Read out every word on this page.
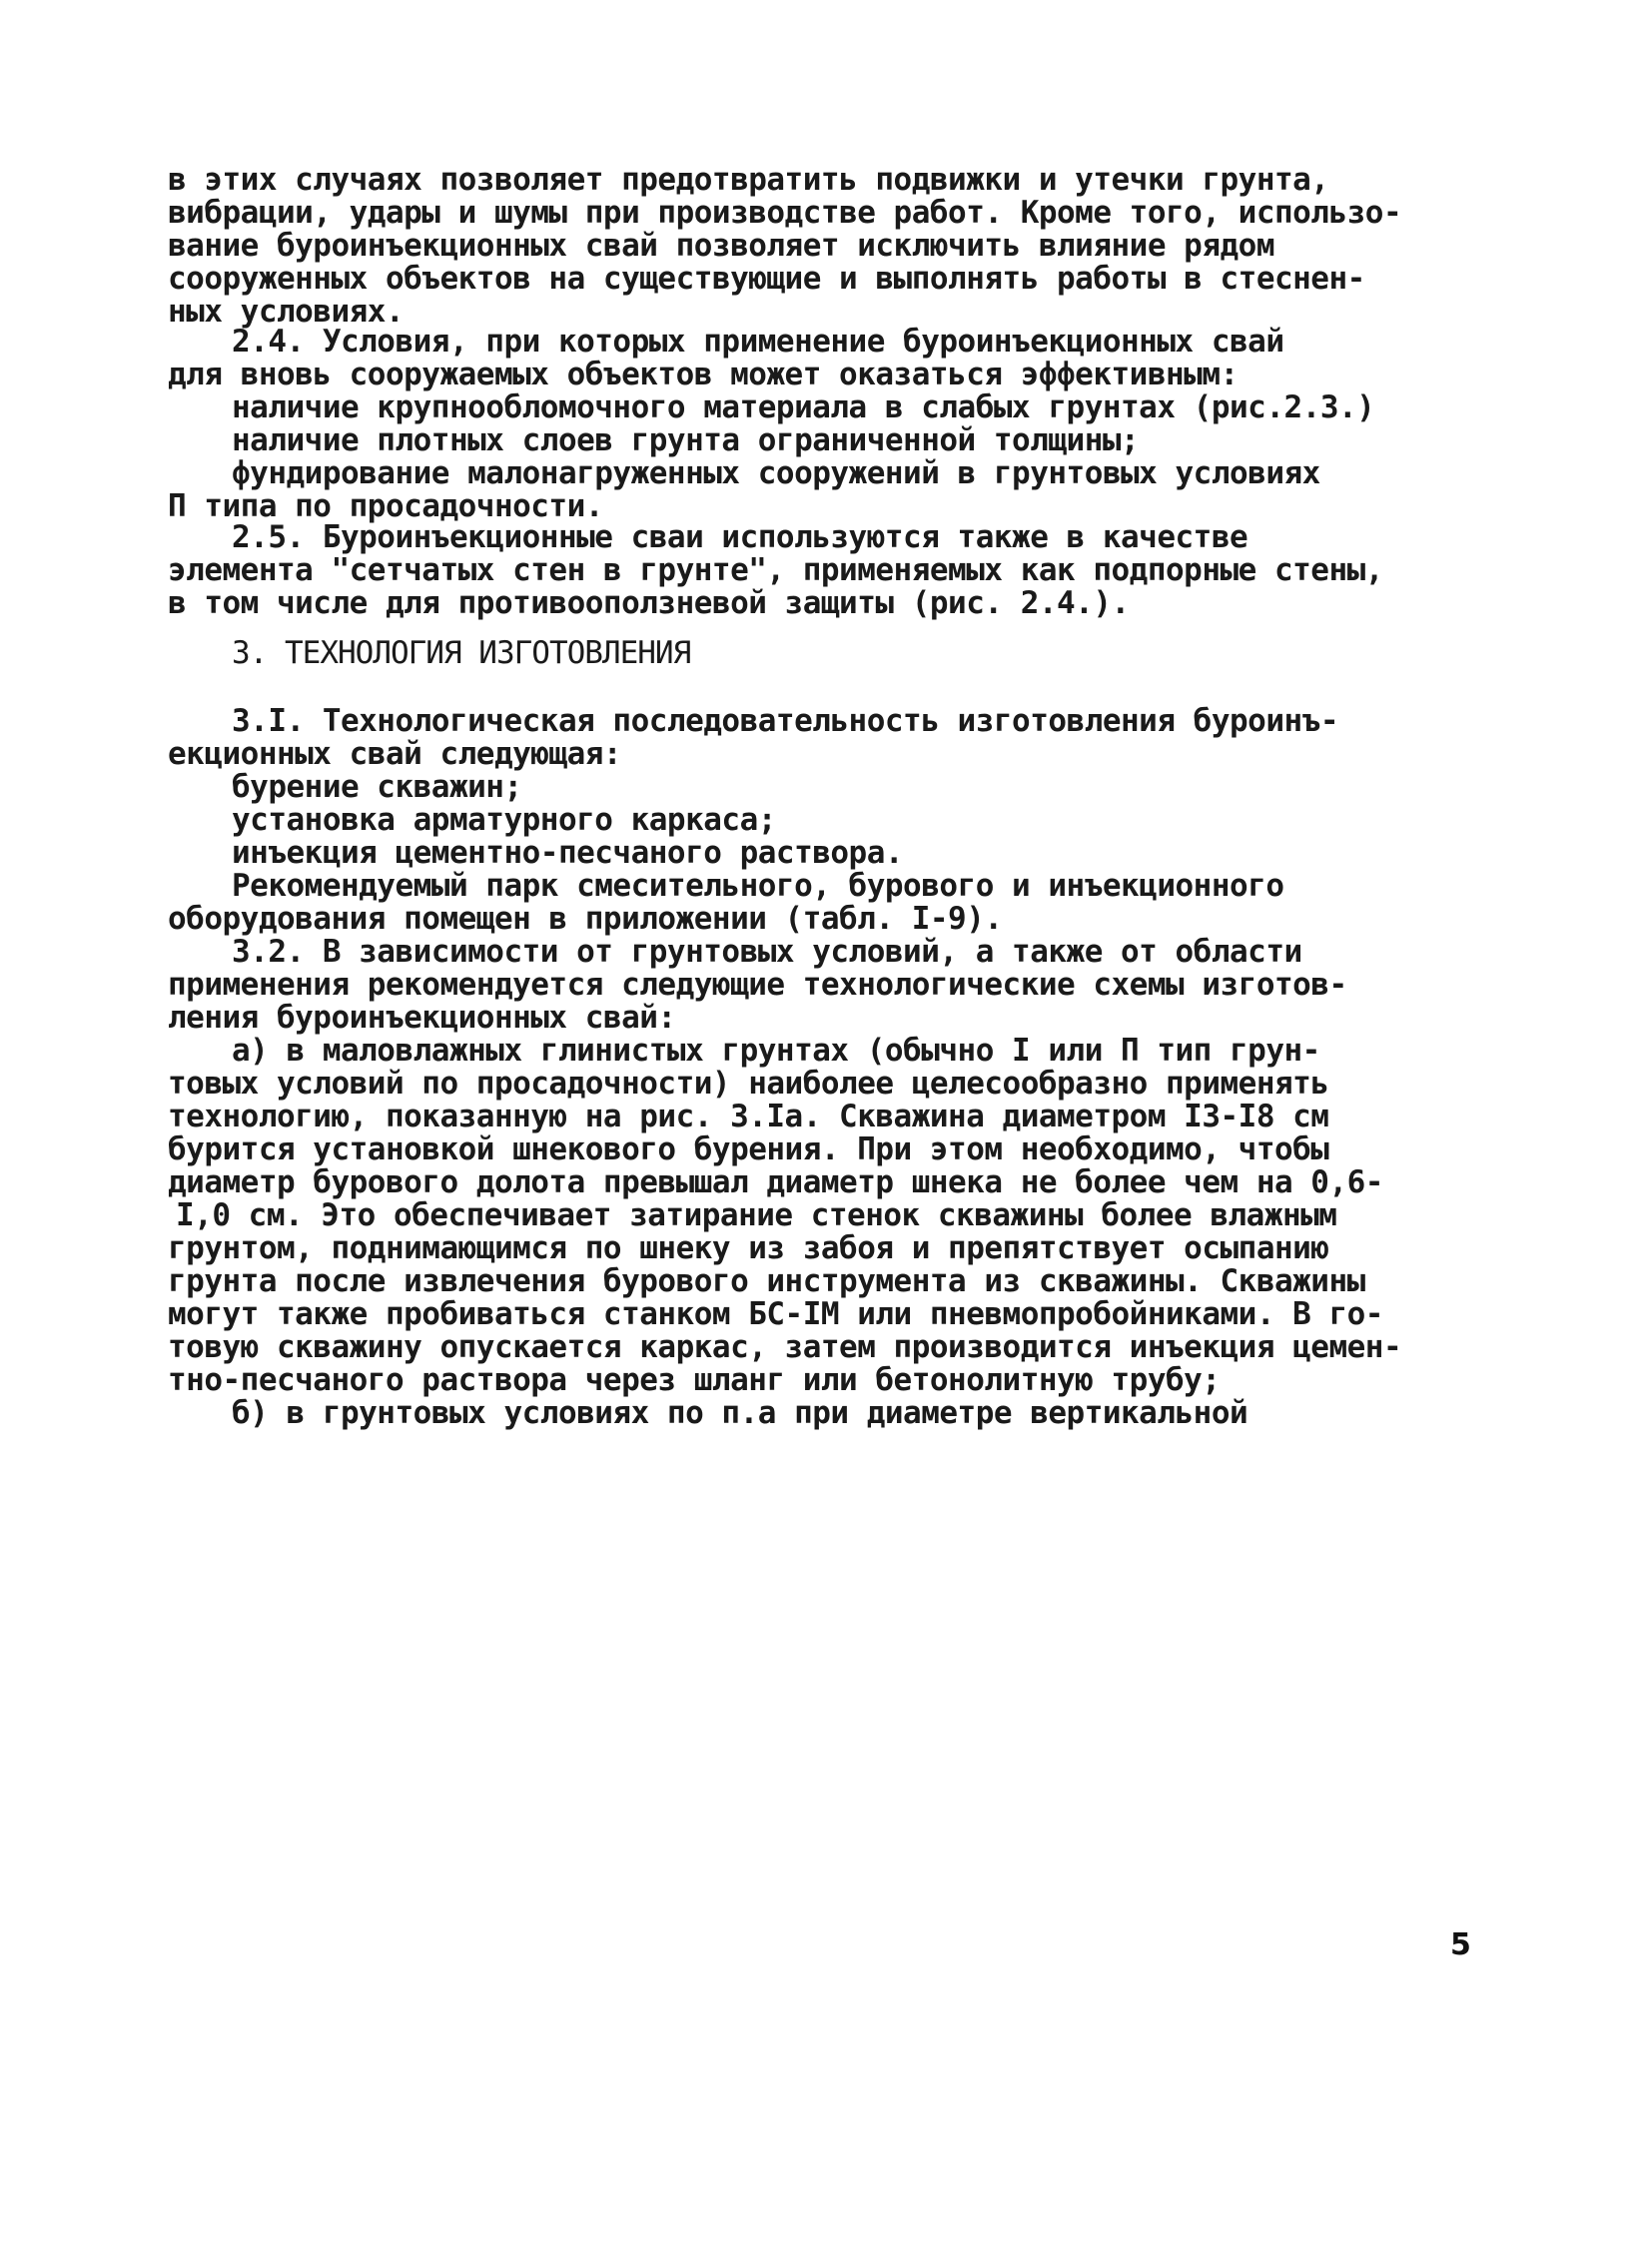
в этих случаях позволяет предотвратить подвижки и утечки грунта,
вибрации, удары и шумы при производстве работ. Кроме того, использо-
вание буроинъекционных свай позволяет исключить влияние рядом
сооруженных объектов на существующие и выполнять работы в стеснен-
ных условиях.
2.4. Условия, при которых применение буроинъекционных свай
для вновь сооружаемых объектов может оказаться эффективным:
наличие крупнообломочного материала в слабых грунтах (рис.2.3.)
наличие плотных слоев грунта ограниченной толщины;
фундирование малонагруженных сооружений в грунтовых условиях
П типа по просадочности.
2.5. Буроинъекционные сваи используются также в качестве
элемента "сетчатых стен в грунте", применяемых как подпорные стены,
в том числе для противооползневой защиты (рис. 2.4.).
3. ТЕХНОЛОГИЯ ИЗГОТОВЛЕНИЯ
3.I. Технологическая последовательность изготовления буроинъ-
екционных свай следующая:
бурение скважин;
установка арматурного каркаса;
инъекция цементно-песчаного раствора.
Рекомендуемый парк смесительного, бурового и инъекционного
оборудования помещен в приложении (табл. I-9).
3.2. В зависимости от грунтовых условий, а также от области
применения рекомендуется следующие технологические схемы изготов-
ления буроинъекционных свай:
а) в маловлажных глинистых грунтах (обычно I или П тип грун-
товых условий по просадочности) наиболее целесообразно применять
технологию, показанную на рис. 3.Iа. Скважина диаметром I3-I8 см
бурится установкой шнекового бурения. При этом необходимо, чтобы
диаметр бурового долота превышал диаметр шнека не более чем на 0,6-
I,0 см. Это обеспечивает затирание стенок скважины более влажным
грунтом, поднимающимся по шнеку из забоя и препятствует осыпанию
грунта после извлечения бурового инструмента из скважины. Скважины
могут также пробиваться станком БС-IМ или пневмопробойниками. В го-
товую скважину опускается каркас, затем производится инъекция цемен-
тно-песчаного раствора через шланг или бетонолитную трубу;
б) в грунтовых условиях по п.а при диаметре вертикальной
5
